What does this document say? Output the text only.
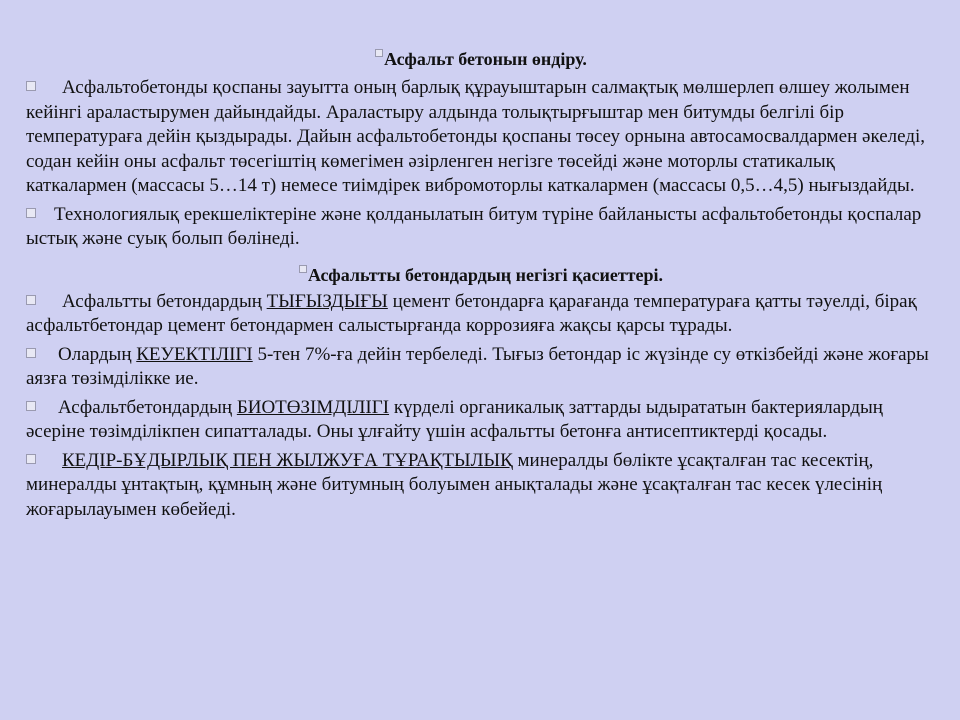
Асфальт бетонын өндіру.

Асфальтобетонды қоспаны зауытта оның барлық құрауыштарын салмақтық мөлшерлеп өлшеу жолымен кейінгі араластырумен дайындайды. Араластыру алдында толықтырғыштар мен битумды белгілі бір температураға дейін қыздырады. Дайын асфальтобетонды қоспаны төсеу орнына автосамосвалдармен әкеледі, содан кейін оны асфальт төсегіштің көмегімен әзірленген негізге төсейді және моторлы статикалық каткалармен (массасы 5…14 т) немесе тиімдірек вибромоторлы каткалармен (массасы 0,5…4,5) нығыздайды.

Технологиялық ерекшеліктеріне және қолданылатын битум түріне байланысты асфальтобетонды қоспалар ыстық және суық болып бөлінеді.

Асфальтты бетондардың негізгі қасиеттері.

Асфальтты бетондардың ТЫҒЫЗДЫҒЫ цемент бетондарға қарағанда температураға қатты тәуелді, бірақ асфальтбетондар цемент бетондармен салыстырғанда коррозияға жақсы қарсы тұрады.

Олардың КЕУЕКТІЛІГІ 5-тен 7%-ға дейін тербеледі. Тығыз бетондар іс жүзінде су өткізбейді және жоғары аязға төзімділікке ие.

Асфальтбетондардың БИОТӨЗІМДІЛІГІ күрделі органикалық заттарды ыдырататын бактериялардың әсеріне төзімділікпен сипатталады. Оны ұлғайту үшін асфальтты бетонға антисептиктерді қосады.

КЕДІР-БҰДЫРЛЫҚ ПЕН ЖЫЛЖУҒА ТҰРАҚТЫЛЫҚ минералды бөлікте ұсақталған тас кесектің, минералды ұнтақтың, құмның және битумның болуымен анықталады және ұсақталған тас кесек үлесінің жоғарылауымен көбейеді.
